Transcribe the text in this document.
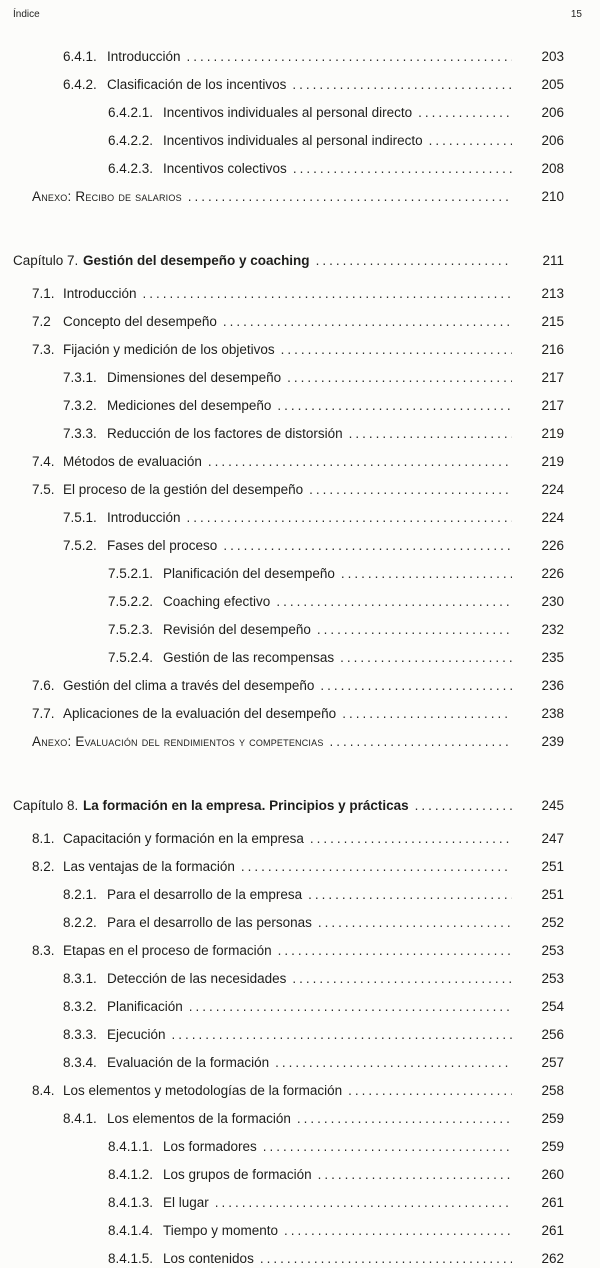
Índice	15
6.4.1. Introducción .....	203
6.4.2. Clasificación de los incentivos .....	205
6.4.2.1. Incentivos individuales al personal directo .....	206
6.4.2.2. Incentivos individuales al personal indirecto .....	206
6.4.2.3. Incentivos colectivos .....	208
Anexo: Recibo de salarios .....	210
Capítulo 7. Gestión del desempeño y coaching .....	211
7.1. Introducción .....	213
7.2 Concepto del desempeño .....	215
7.3. Fijación y medición de los objetivos .....	216
7.3.1. Dimensiones del desempeño .....	217
7.3.2. Mediciones del desempeño .....	217
7.3.3. Reducción de los factores de distorsión .....	219
7.4. Métodos de evaluación .....	219
7.5. El proceso de la gestión del desempeño .....	224
7.5.1. Introducción .....	224
7.5.2. Fases del proceso .....	226
7.5.2.1. Planificación del desempeño .....	226
7.5.2.2. Coaching efectivo .....	230
7.5.2.3. Revisión del desempeño .....	232
7.5.2.4. Gestión de las recompensas .....	235
7.6. Gestión del clima a través del desempeño .....	236
7.7. Aplicaciones de la evaluación del desempeño .....	238
Anexo: Evaluación del rendimientos y competencias .....	239
Capítulo 8. La formación en la empresa. Principios y prácticas .....	245
8.1. Capacitación y formación en la empresa .....	247
8.2. Las ventajas de la formación .....	251
8.2.1. Para el desarrollo de la empresa .....	251
8.2.2. Para el desarrollo de las personas .....	252
8.3. Etapas en el proceso de formación .....	253
8.3.1. Detección de las necesidades .....	253
8.3.2. Planificación .....	254
8.3.3. Ejecución .....	256
8.3.4. Evaluación de la formación .....	257
8.4. Los elementos y metodologías de la formación .....	258
8.4.1. Los elementos de la formación .....	259
8.4.1.1. Los formadores .....	259
8.4.1.2. Los grupos de formación .....	260
8.4.1.3. El lugar .....	261
8.4.1.4. Tiempo y momento .....	261
8.4.1.5. Los contenidos .....	262
